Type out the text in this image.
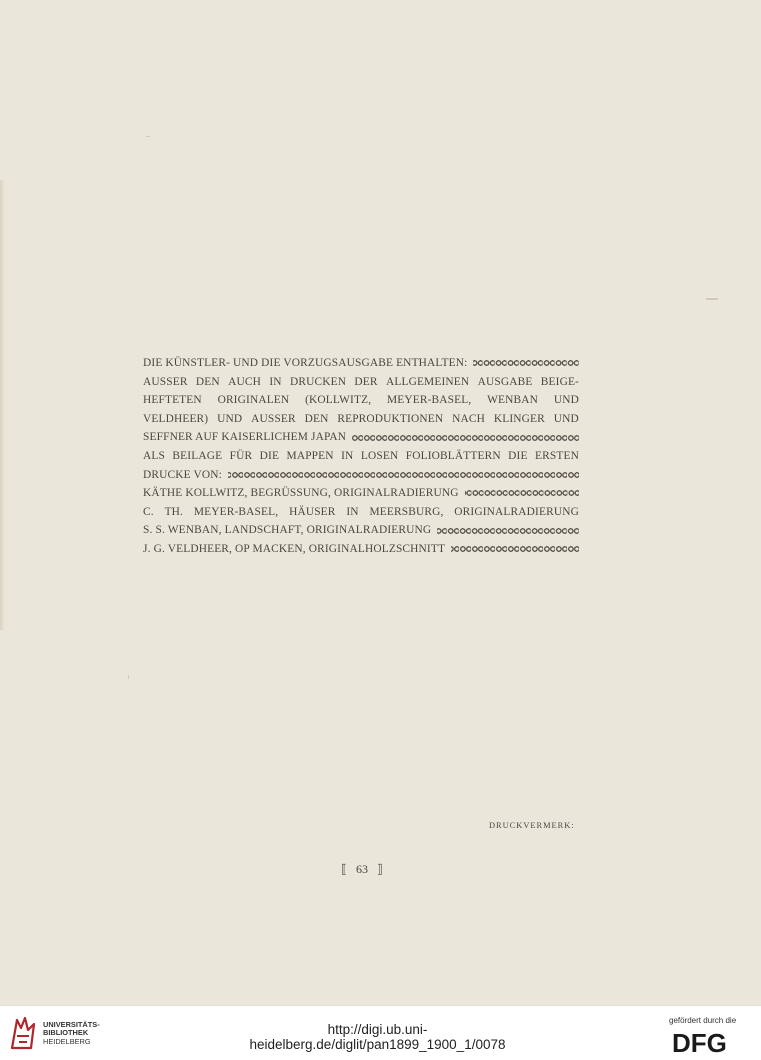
DIE KÜNSTLER- UND DIE VORZUGSAUSGABE ENTHALTEN:
AUSSER DEN AUCH IN DRUCKEN DER ALLGEMEINEN AUSGABE BEIGE-
HEFTETEN ORIGINALEN (KOLLWITZ, MEYER-BASEL, WENBAN UND
VELDHEER) UND AUSSER DEN REPRODUKTIONEN NACH KLINGER UND
SEFFNER AUF KAISERLICHEM JAPAN
ALS BEILAGE FÜR DIE MAPPEN IN LOSEN FOLIOBLÄTTERN DIE ERSTEN
DRUCKE VON:
KÄTHE KOLLWITZ, BEGRÜSSUNG, ORIGINALRADIERUNG
C. TH. MEYER-BASEL, HÄUSER IN MEERSBURG, ORIGINALRADIERUNG
S. S. WENBAN, LANDSCHAFT, ORIGINALRADIERUNG
J. G. VELDHEER, OP MACKEN, ORIGINALHOLZSCHNITT
DRUCKVERMERK:
⟦ 63 ⟧
UNIVERSITÄTS-
BIBLIOTHEK
HEIDELBERG
http://digi.ub.uni-heidelberg.de/diglit/pan1899_1900_1/0078
gefördert durch die
DFG
